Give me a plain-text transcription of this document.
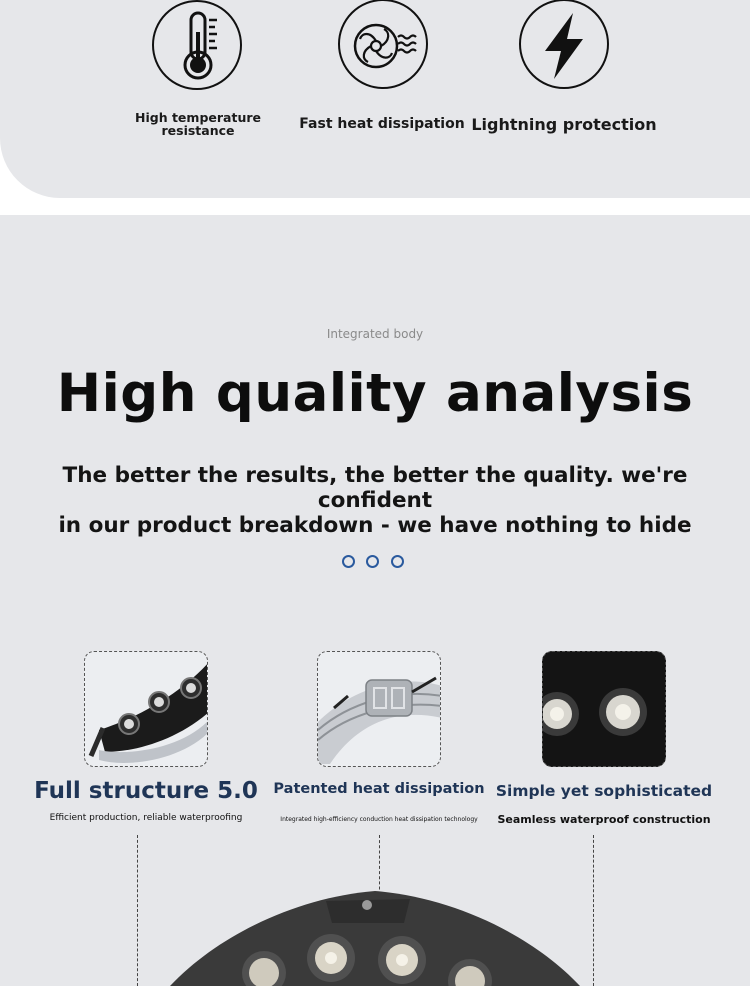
High temperature
resistance	Fast heat dissipation Lightning protection
Integrated body
High quality analysis
The better the results, the better the quality. we're confident
in our product breakdown - we have nothing to hide
Full structure 5.0
Efficient production, reliable waterproofing
Patented heat dissipation
Integrated high-efficiency conduction heat dissipation technology
Simple yet sophisticated
Seamless waterproof construction
